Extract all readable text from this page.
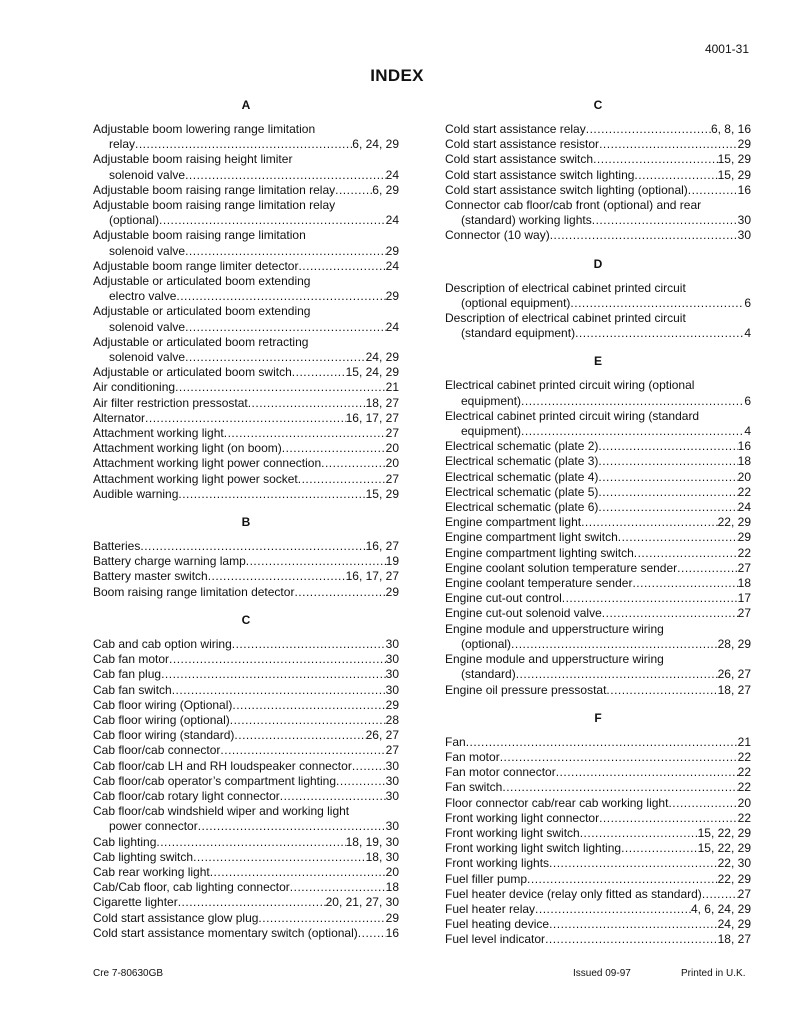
4001-31
INDEX
A
Adjustable boom lowering range limitation
relay .....	6, 24, 29
Adjustable boom raising height limiter
solenoid valve .....	24
Adjustable boom raising range limitation relay .....	6, 29
Adjustable boom raising range limitation relay
(optional) .....	24
Adjustable boom raising range limitation
solenoid valve .....	29
Adjustable boom range limiter detector .....	24
Adjustable or articulated boom extending
electro valve .....	29
Adjustable or articulated boom extending
solenoid valve .....	24
Adjustable or articulated boom retracting
solenoid valve .....	24, 29
Adjustable or articulated boom switch .....	15, 24, 29
Air conditioning .....	21
Air filter restriction pressostat .....	18, 27
Alternator .....	16, 17, 27
Attachment working light .....	27
Attachment working light (on boom) .....	20
Attachment working light power connection .....	20
Attachment working light power socket .....	27
Audible warning .....	15, 29
B
Batteries .....	16, 27
Battery charge warning lamp .....	19
Battery master switch .....	16, 17, 27
Boom raising range limitation detector .....	29
C
Cab and cab option wiring .....	30
Cab fan motor .....	30
Cab fan plug .....	30
Cab fan switch .....	30
Cab floor wiring (Optional) .....	29
Cab floor wiring (optional) .....	28
Cab floor wiring (standard) .....	26, 27
Cab floor/cab connector .....	27
Cab floor/cab LH and RH loudspeaker connector .....	30
Cab floor/cab operator’s compartment lighting .....	30
Cab floor/cab rotary light connector .....	30
Cab floor/cab windshield wiper and working light
power connector .....	30
Cab lighting .....	18, 19, 30
Cab lighting switch .....	18, 30
Cab rear working light .....	20
Cab/Cab floor, cab lighting connector .....	18
Cigarette lighter .....	20, 21, 27, 30
Cold start assistance glow plug .....	29
Cold start assistance momentary switch (optional) ..... 16
C
Cold start assistance relay .....	6, 8, 16
Cold start assistance resistor .....	29
Cold start assistance switch .....	15, 29
Cold start assistance switch lighting .....	15, 29
Cold start assistance switch lighting (optional) .....	16
Connector cab floor/cab front (optional) and rear
(standard) working lights .....	30
Connector (10 way) .....	30
D
Description of electrical cabinet printed circuit
(optional equipment) .....	6
Description of electrical cabinet printed circuit
(standard equipment) .....	4
E
Electrical cabinet printed circuit wiring (optional
equipment) .....	6
Electrical cabinet printed circuit wiring (standard
equipment) .....	4
Electrical schematic (plate 2) .....	16
Electrical schematic (plate 3) .....	18
Electrical schematic (plate 4) .....	20
Electrical schematic (plate 5) .....	22
Electrical schematic (plate 6) .....	24
Engine compartment light .....	22, 29
Engine compartment light switch .....	29
Engine compartment lighting switch .....	22
Engine coolant solution temperature sender .....	27
Engine coolant temperature sender .....	18
Engine cut-out control .....	17
Engine cut-out solenoid valve .....	27
Engine module and upperstructure wiring
(optional) .....	28, 29
Engine module and upperstructure wiring
(standard) .....	26, 27
Engine oil pressure pressostat .....	18, 27
F
Fan .....	21
Fan motor .....	22
Fan motor connector .....	22
Fan switch .....	22
Floor connector cab/rear cab working light .....	20
Front working light connector .....	22
Front working light switch .....	15, 22, 29
Front working light switch lighting .....	15, 22, 29
Front working lights .....	22, 30
Fuel filler pump .....	22, 29
Fuel heater device (relay only fitted as standard) .....	27
Fuel heater relay .....	4, 6, 24, 29
Fuel heating device .....	24, 29
Fuel level indicator .....	18, 27
Cre 7-80630GB	Issued 09-97	Printed in U.K.
